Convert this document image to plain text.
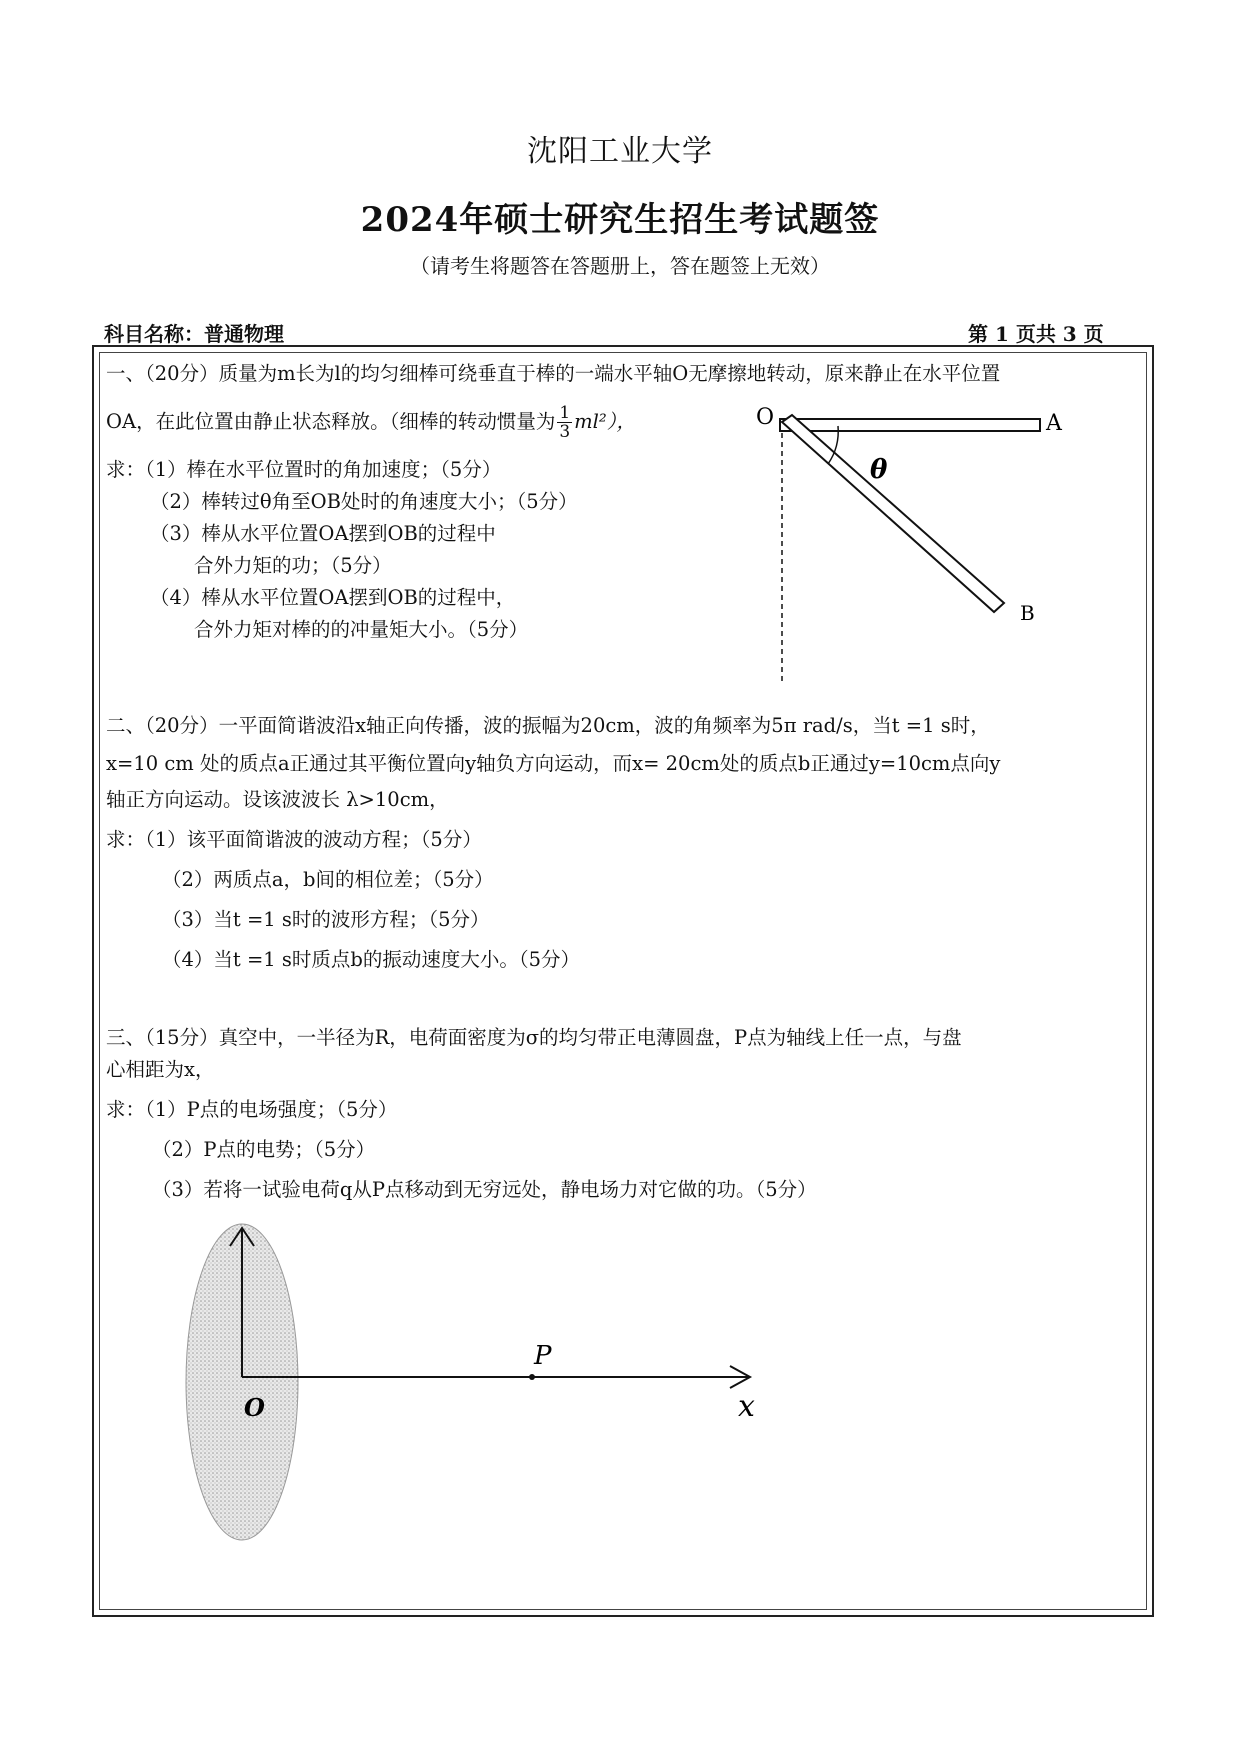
沈阳工业大学
2024年硕士研究生招生考试题签
（请考生将题答在答题册上，答在题签上无效）
科目名称：普通物理	第 1 页共 3 页
一、（20分）质量为m长为l的均匀细棒可绕垂直于棒的一端水平轴O无摩擦地转动，原来静止在水平位置
OA，在此位置由静止状态释放。（细棒的转动惯量为 $\frac{1}{3} ml^2$），
求：（1）棒在水平位置时的角加速度；（5分）
（2）棒转过θ角至OB处时的角速度大小；（5分）
（3）棒从水平位置OA摆到OB的过程中
合外力矩的功；（5分）
（4）棒从水平位置OA摆到OB的过程中，
合外力矩对棒的的冲量矩大小。（5分）
O	A
B
θ
二、（20分）一平面简谐波沿x轴正向传播，波的振幅为20cm，波的角频率为5π rad/s，当t =1 s时，
x=10 cm 处的质点a正通过其平衡位置向y轴负方向运动，而x= 20cm处的质点b正通过y=10cm点向y
轴正方向运动。设该波波长 λ>10cm，
求：（1）该平面简谐波的波动方程；（5分）
（2）两质点a，b间的相位差；（5分）
（3）当t =1 s时的波形方程；（5分）
（4）当t =1 s时质点b的振动速度大小。（5分）
三、（15分）真空中，一半径为R，电荷面密度为σ的均匀带正电薄圆盘，P点为轴线上任一点，与盘
心相距为x，
求：（1）P点的电场强度；（5分）
（2）P点的电势；（5分）
（3）若将一试验电荷q从P点移动到无穷远处，静电场力对它做的功。（5分）
P
O	x
